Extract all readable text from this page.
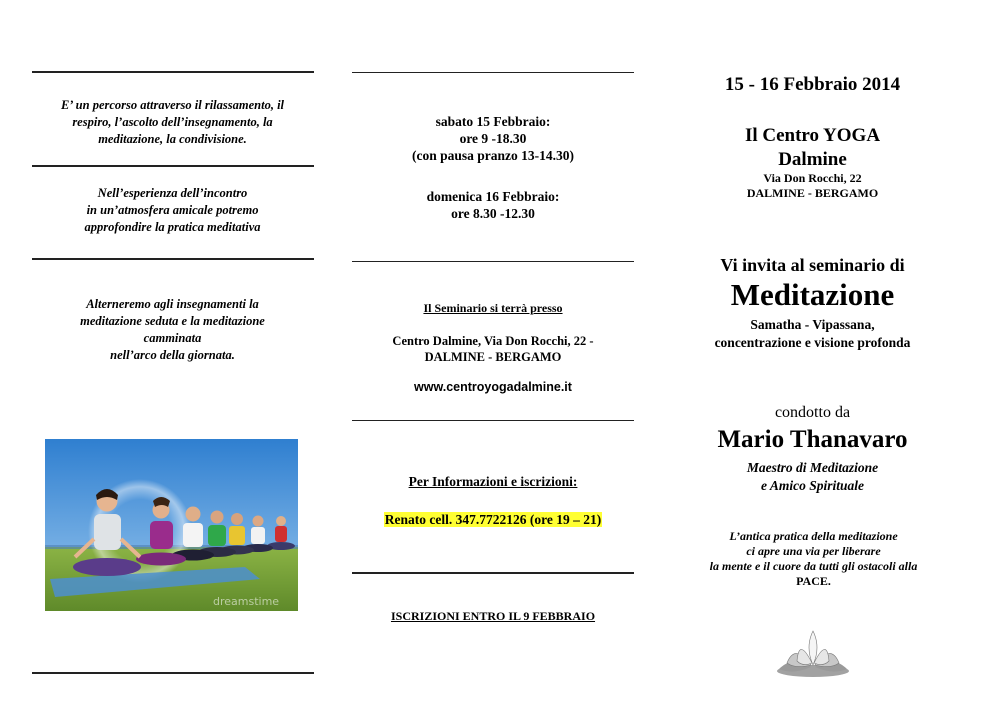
E’ un percorso attraverso il rilassamento, il respiro, l’ascolto dell’insegnamento, la meditazione, la condivisione.
Nell’esperienza dell’incontro
in un’atmosfera amicale potremo
approfondire la pratica meditativa
Alterneremo agli insegnamenti la
meditazione seduta e la meditazione
camminata
nell’arco della giornata.
dreamstime
sabato 15 Febbraio:
ore 9 -18.30
(con pausa pranzo 13-14.30)
domenica 16 Febbraio:
ore 8.30 -12.30
Il Seminario si terrà presso
Centro Dalmine, Via Don Rocchi, 22 -
DALMINE - BERGAMO
www.centroyogadalmine.it
Per Informazioni e iscrizioni:
Renato cell. 347.7722126 (ore 19 – 21)
ISCRIZIONI ENTRO IL 9 FEBBRAIO
15 - 16 Febbraio 2014
Il Centro YOGA
Dalmine
Via Don Rocchi, 22
DALMINE - BERGAMO
Vi invita al seminario di
Meditazione
Samatha - Vipassana,
concentrazione e visione profonda
condotto da
Mario Thanavaro
Maestro di Meditazione
e Amico Spirituale
L’antica pratica della meditazione
ci apre una via per liberare
la mente e il cuore da tutti gli ostacoli alla
PACE.
